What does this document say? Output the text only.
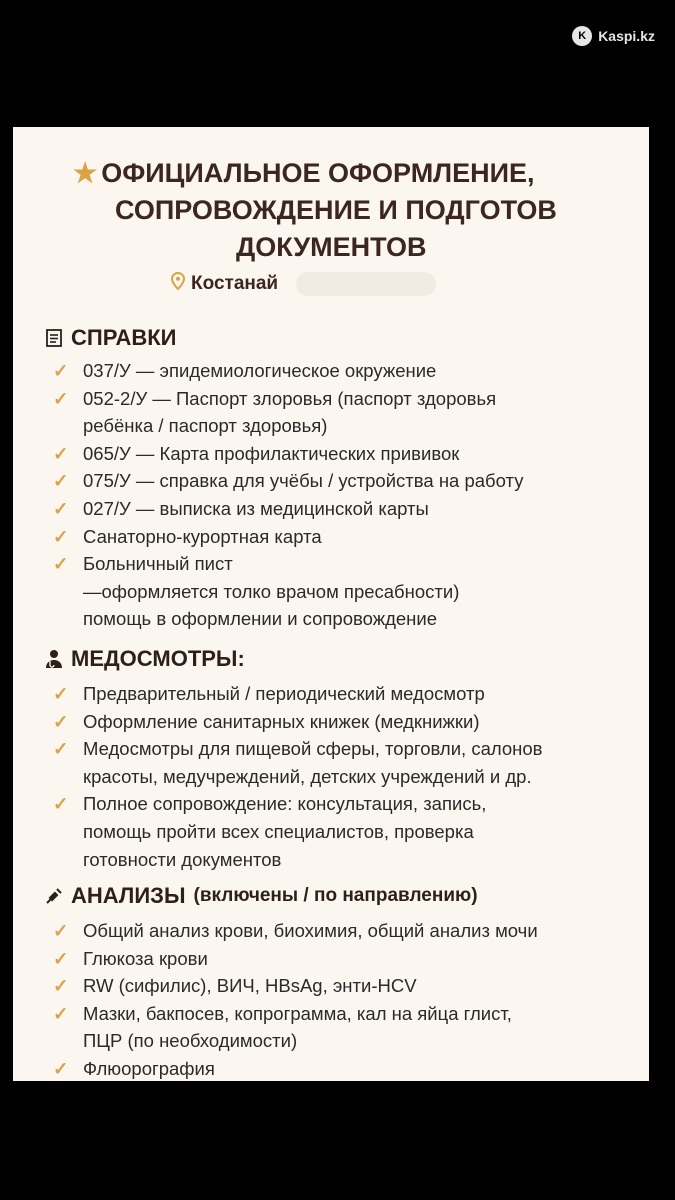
K Kaspi.kz
★ ОФИЦИАЛЬНОЕ ОФОРМЛЕНИЕ,
СОПРОВОЖДЕНИЕ И ПОДГОТОВ
ДОКУМЕНТОВ
Костанай
СПРАВКИ
✓ 037/У — эпидемиологическое окружение
✓ 052-2/У — Паспорт злоровья (паспорт здоровья
ребёнка / паспорт здоровья)
✓ 065/У — Карта профилактических прививок
✓ 075/У — справка для учёбы / устройства на работу
✓ 027/У — выписка из медицинской карты
✓ Санаторно-курортная карта
✓ Больничный пист
—оформляется толко врачом пресабности)
помощь в оформлении и сопровождение
МЕДОСМОТРЫ:
✓ Предварительный / периодический медосмотр
✓ Оформление санитарных книжек (медкнижки)
✓ Медосмотры для пищевой сферы, торговли, салонов
красоты, медучреждений, детских учреждений и др.
✓ Полное сопровождение: консультация, запись,
помощь пройти всех специалистов, проверка
готовности документов
АНАЛИЗЫ (включены / по направлению)
✓ Общий анализ крови, биохимия, общий анализ мочи
✓ Глюкоза крови
✓ RW (сифилис), ВИЧ, HBsAg, энти-HCV
✓ Мазки, бакпосев, копрограмма, кал на яйца глист,
ПЦР (по необходимости)
✓ Флюорография
